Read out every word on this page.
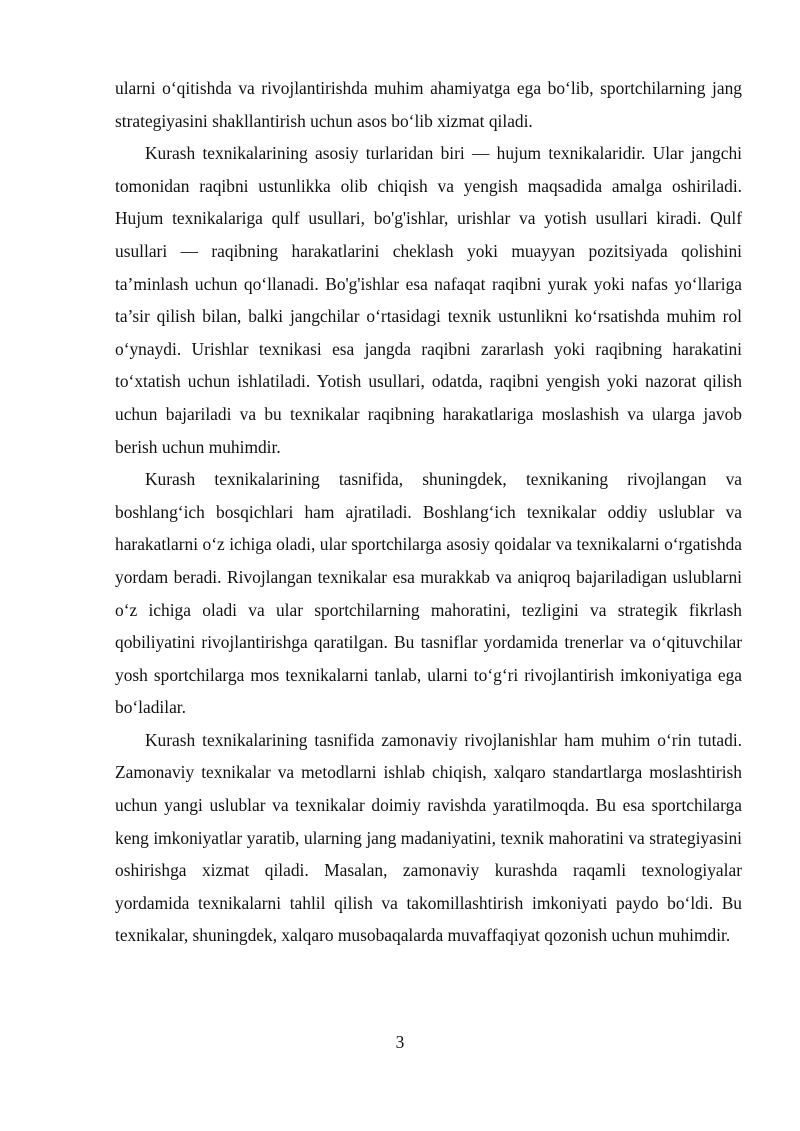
ularni o‘qitishda va rivojlantirishda muhim ahamiyatga ega bo‘lib, sportchilarning jang strategiyasini shakllantirish uchun asos bo‘lib xizmat qiladi.

Kurash texnikalarining asosiy turlaridan biri — hujum texnikalaridir. Ular jangchi tomonidan raqibni ustunlikka olib chiqish va yengish maqsadida amalga oshiriladi. Hujum texnikalariga qulf usullari, bo'g'ishlar, urishlar va yotish usullari kiradi. Qulf usullari — raqibning harakatlarini cheklash yoki muayyan pozitsiyada qolishini ta’minlash uchun qo‘llanadi. Bo'g'ishlar esa nafaqat raqibni yurak yoki nafas yo‘llariga ta’sir qilish bilan, balki jangchilar o‘rtasidagi texnik ustunlikni ko‘rsatishda muhim rol o‘ynaydi. Urishlar texnikasi esa jangda raqibni zararlash yoki raqibning harakatini to‘xtatish uchun ishlatiladi. Yotish usullari, odatda, raqibni yengish yoki nazorat qilish uchun bajariladi va bu texnikalar raqibning harakatlariga moslashish va ularga javob berish uchun muhimdir.

Kurash texnikalarining tasnifida, shuningdek, texnikaning rivojlangan va boshlang‘ich bosqichlari ham ajratiladi. Boshlang‘ich texnikalar oddiy uslublar va harakatlarni o‘z ichiga oladi, ular sportchilarga asosiy qoidalar va texnikalarni o‘rgatishda yordam beradi. Rivojlangan texnikalar esa murakkab va aniqroq bajariladigan uslublarni o‘z ichiga oladi va ular sportchilarning mahoratini, tezligini va strategik fikrlash qobiliyatini rivojlantirishga qaratilgan. Bu tasniflar yordamida trenerlar va o‘qituvchilar yosh sportchilarga mos texnikalarni tanlab, ularni to‘g‘ri rivojlantirish imkoniyatiga ega bo‘ladilar.

Kurash texnikalarining tasnifida zamonaviy rivojlanishlar ham muhim o‘rin tutadi. Zamonaviy texnikalar va metodlarni ishlab chiqish, xalqaro standartlarga moslashtirish uchun yangi uslublar va texnikalar doimiy ravishda yaratilmoqda. Bu esa sportchilarga keng imkoniyatlar yaratib, ularning jang madaniyatini, texnik mahoratini va strategiyasini oshirishga xizmat qiladi. Masalan, zamonaviy kurashda raqamli texnologiyalar yordamida texnikalarni tahlil qilish va takomillashtirish imkoniyati paydo bo‘ldi. Bu texnikalar, shuningdek, xalqaro musobaqalarda muvaffaqiyat qozonish uchun muhimdir.

3
